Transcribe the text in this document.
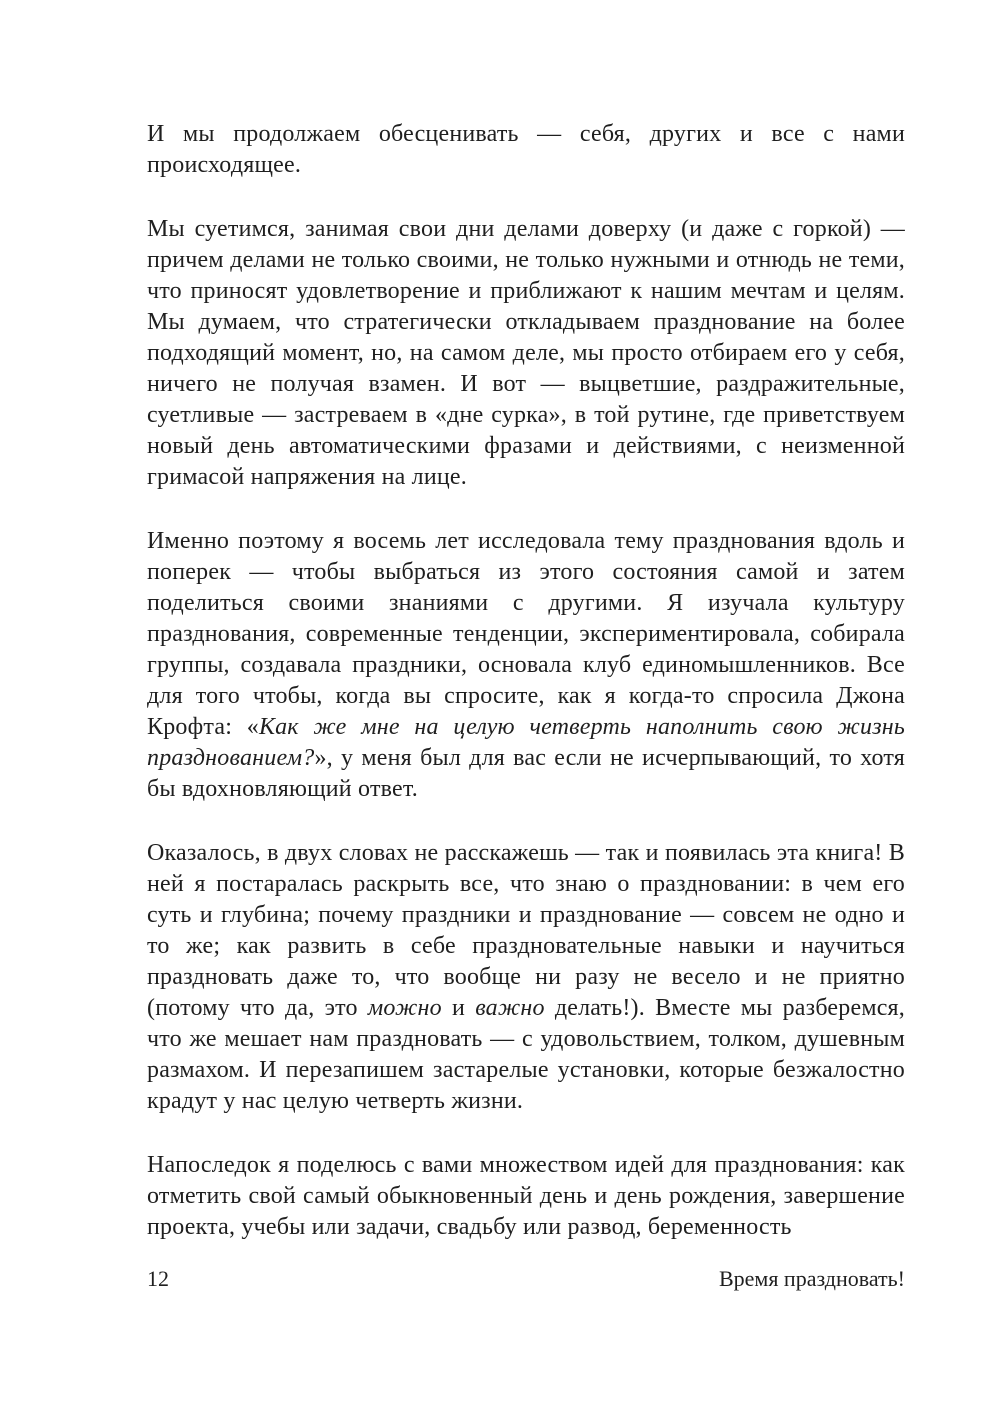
И мы продолжаем обесценивать — себя, других и все с нами происходящее.

Мы суетимся, занимая свои дни делами доверху (и даже с горкой) — причем делами не только своими, не только нужными и отнюдь не теми, что приносят удовлетворение и приближают к нашим мечтам и целям. Мы думаем, что стратегически откладываем празднование на более подходящий момент, но, на самом деле, мы просто отбираем его у себя, ничего не получая взамен. И вот — выцветшие, раздражительные, суетливые — застреваем в «дне сурка», в той рутине, где приветствуем новый день автоматическими фразами и действиями, с неизменной гримасой напряжения на лице.

Именно поэтому я восемь лет исследовала тему празднования вдоль и поперек — чтобы выбраться из этого состояния самой и затем поделиться своими знаниями с другими. Я изучала культуру празднования, современные тенденции, экспериментировала, собирала группы, создавала праздники, основала клуб единомышленников. Все для того чтобы, когда вы спросите, как я когда-то спросила Джона Крофта: «Как же мне на целую четверть наполнить свою жизнь празднованием?», у меня был для вас если не исчерпывающий, то хотя бы вдохновляющий ответ.

Оказалось, в двух словах не расскажешь — так и появилась эта книга! В ней я постаралась раскрыть все, что знаю о праздновании: в чем его суть и глубина; почему праздники и празднование — совсем не одно и то же; как развить в себе праздновательные навыки и научиться праздновать даже то, что вообще ни разу не весело и не приятно (потому что да, это можно и важно делать!). Вместе мы разберемся, что же мешает нам праздновать — с удовольствием, толком, душевным размахом. И перезапишем застарелые установки, которые безжалостно крадут у нас целую четверть жизни.

Напоследок я поделюсь с вами множеством идей для празднования: как отметить свой самый обыкновенный день и день рождения, завершение проекта, учебы или задачи, свадьбу или развод, беременность

12	Время праздновать!
